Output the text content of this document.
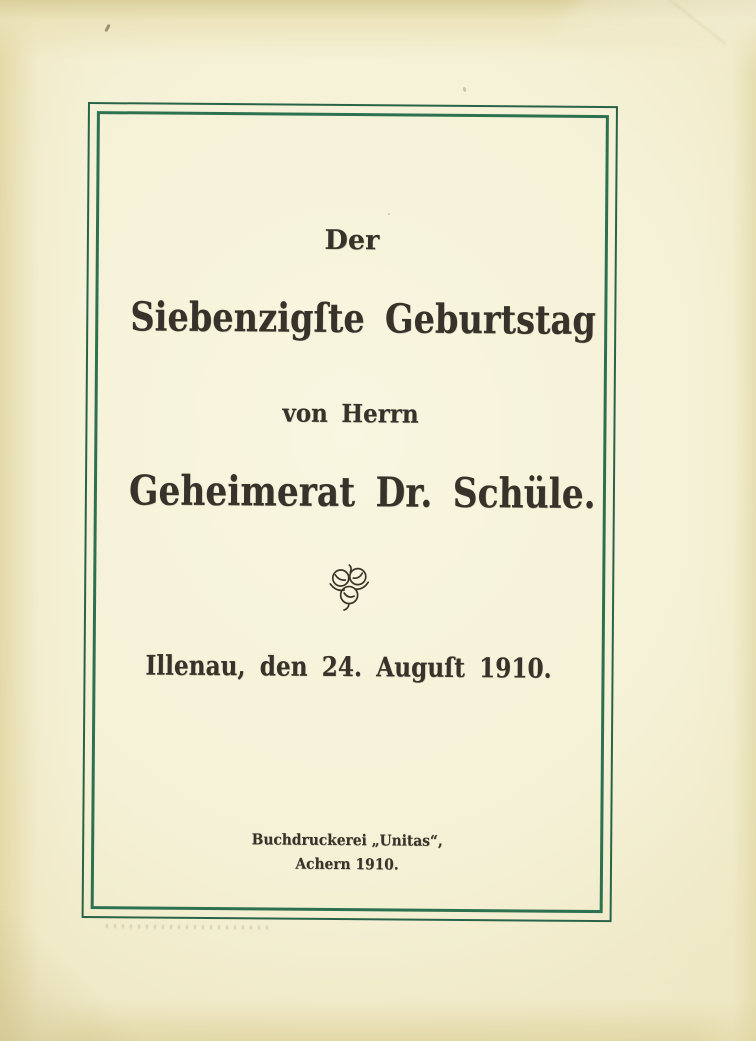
Der
Siebenzigſte Geburtstag
von Herrn
Geheimerat Dr. Schüle.
Illenau, den 24. Auguſt 1910.
Buchdruckerei „Unitas“,
Achern 1910.
